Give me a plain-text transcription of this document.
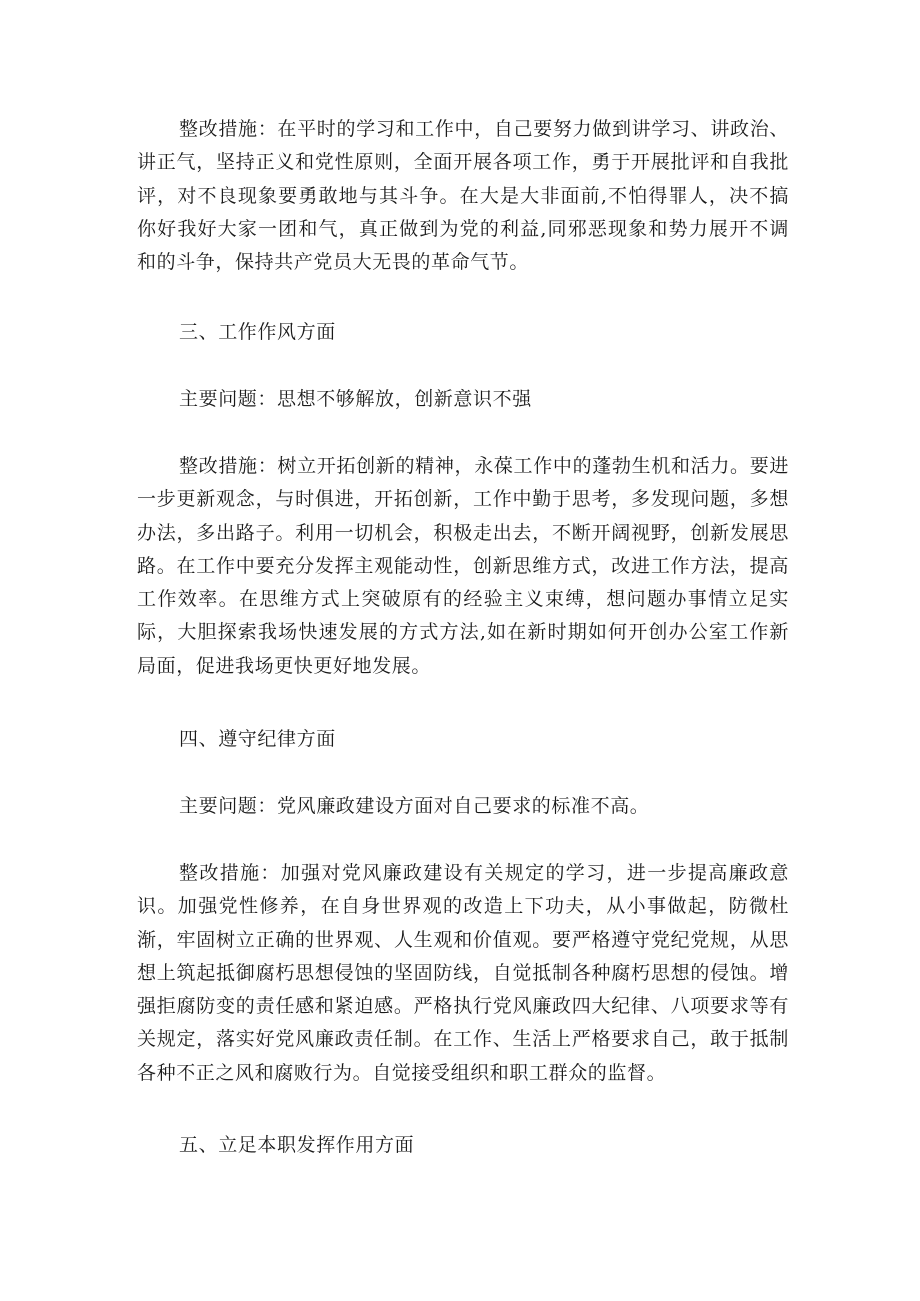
整改措施：在平时的学习和工作中，自己要努力做到讲学习、讲政治、讲正气，坚持正义和党性原则，全面开展各项工作，勇于开展批评和自我批评，对不良现象要勇敢地与其斗争。在大是大非面前,不怕得罪人，决不搞你好我好大家一团和气，真正做到为党的利益,同邪恶现象和势力展开不调和的斗争，保持共产党员大无畏的革命气节。

三、工作作风方面

主要问题：思想不够解放，创新意识不强

整改措施：树立开拓创新的精神，永葆工作中的蓬勃生机和活力。要进一步更新观念，与时俱进，开拓创新，工作中勤于思考，多发现问题，多想办法，多出路子。利用一切机会，积极走出去，不断开阔视野，创新发展思路。在工作中要充分发挥主观能动性，创新思维方式，改进工作方法，提高工作效率。在思维方式上突破原有的经验主义束缚，想问题办事情立足实际，大胆探索我场快速发展的方式方法,如在新时期如何开创办公室工作新局面，促进我场更快更好地发展。

四、遵守纪律方面

主要问题：党风廉政建设方面对自己要求的标准不高。

整改措施：加强对党风廉政建设有关规定的学习，进一步提高廉政意识。加强党性修养，在自身世界观的改造上下功夫，从小事做起，防微杜渐，牢固树立正确的世界观、人生观和价值观。要严格遵守党纪党规，从思想上筑起抵御腐朽思想侵蚀的坚固防线，自觉抵制各种腐朽思想的侵蚀。增强拒腐防变的责任感和紧迫感。严格执行党风廉政四大纪律、八项要求等有关规定，落实好党风廉政责任制。在工作、生活上严格要求自己，敢于抵制各种不正之风和腐败行为。自觉接受组织和职工群众的监督。

五、立足本职发挥作用方面
